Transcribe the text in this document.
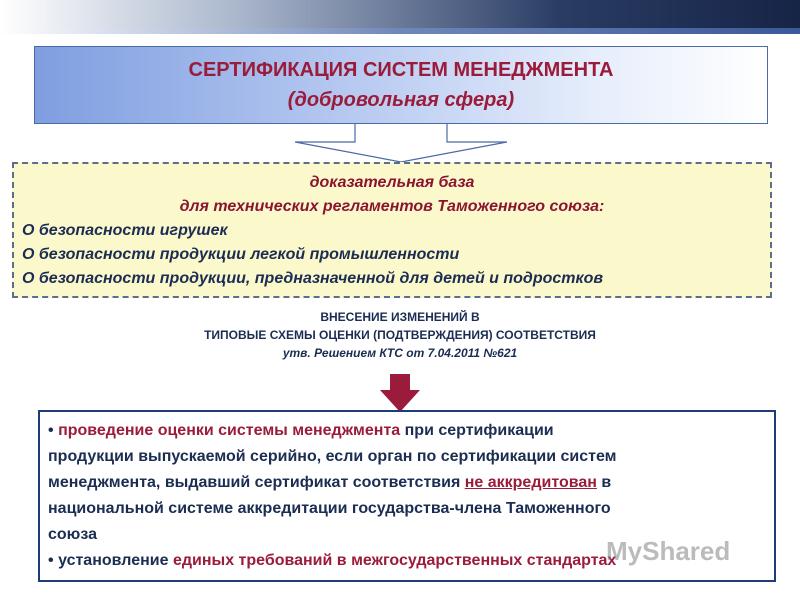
СЕРТИФИКАЦИЯ СИСТЕМ МЕНЕДЖМЕНТА
(добровольная сфера)
доказательная база
для технических регламентов Таможенного союза:
О безопасности игрушек
О безопасности продукции легкой промышленности
О безопасности продукции, предназначенной для детей и подростков
ВНЕСЕНИЕ ИЗМЕНЕНИЙ В
ТИПОВЫЕ СХЕМЫ ОЦЕНКИ (ПОДТВЕРЖДЕНИЯ) СООТВЕТСТВИЯ
утв. Решением КТС от 7.04.2011 №621
• проведение оценки системы менеджмента при сертификации
продукции выпускаемой серийно, если орган по сертификации систем
менеджмента, выдавший сертификат соответствия не аккредитован в
национальной системе аккредитации государства-члена Таможенного
союза
• установление единых требований в межгосударственных стандартах
MyShared
